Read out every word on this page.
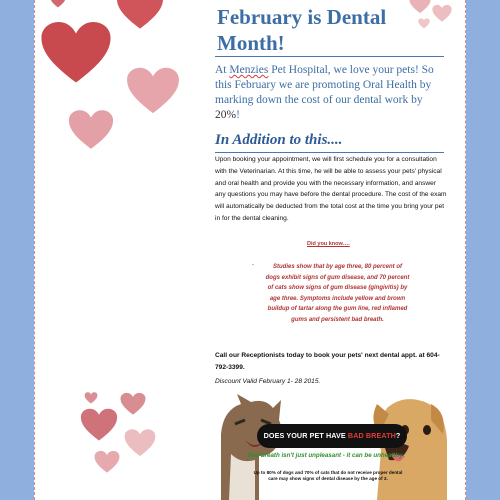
February is Dental Month!

At Menzies Pet Hospital, we love your pets! So this February we are promoting Oral Health by marking down the cost of our dental work by 20%!

In Addition to this....

Upon booking your appointment, we will first schedule you for a consultation with the Veterinarian. At this time, he will be able to assess your pets' physical and oral health and provide you with the necessary information, and answer any questions you may have before the dental procedure. The cost of the exam will automatically be deducted from the total cost at the time you bring your pet in for the dental cleaning.

Did you know….

-	Studies show that by age three, 80 percent of dogs exhibit signs of gum disease, and 70 percent of cats show signs of gum disease (gingivitis) by age three. Symptoms include yellow and brown buildup of tartar along the gum line, red inflamed gums and persistent bad breath.

Call our Receptionists today to book your pets' next dental appt. at 604-792-3399.

Discount Valid February 1- 28 2015.

DOES YOUR PET HAVE BAD BREATH?
Bad breath isn't just unpleasant - it can be unhealthy
Up to 80% of dogs and 70% of cats that do not receive proper dental care may show signs of dental disease by the age of 3.
